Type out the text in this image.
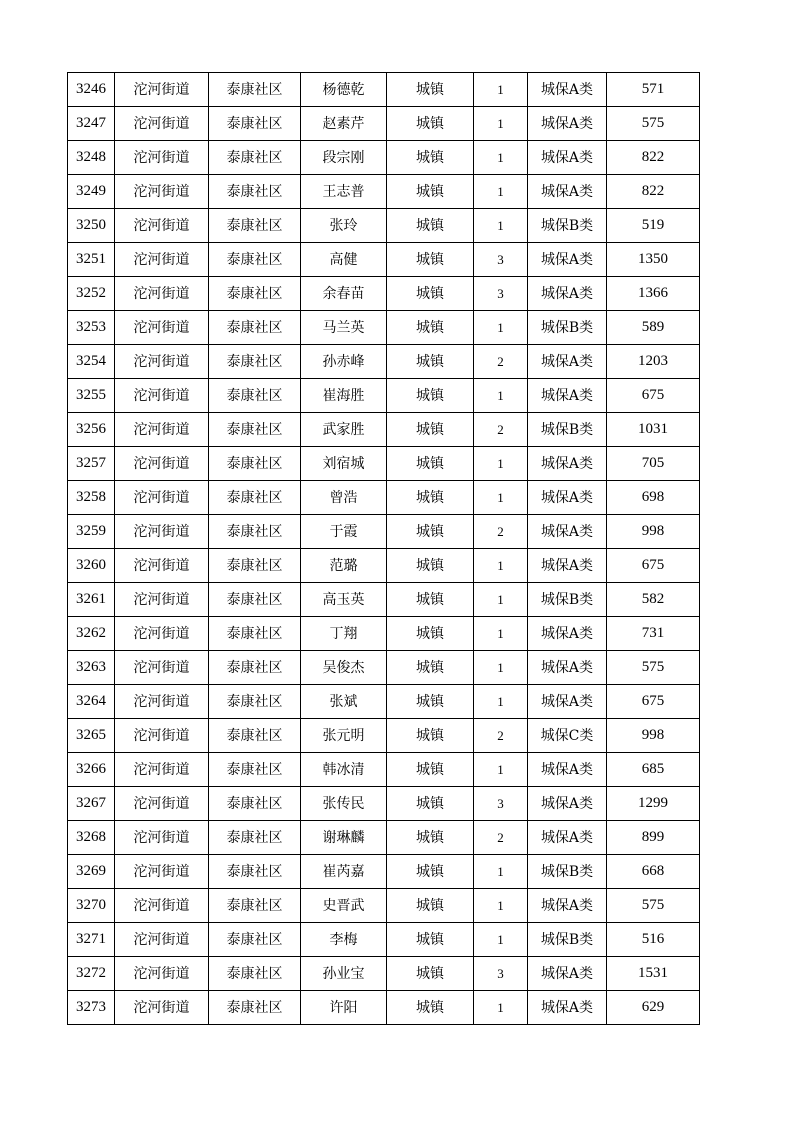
3246	沱河街道	泰康社区	杨德乾	城镇	1	城保A类	571
3247	沱河街道	泰康社区	赵素芹	城镇	1	城保A类	575
3248	沱河街道	泰康社区	段宗刚	城镇	1	城保A类	822
3249	沱河街道	泰康社区	王志普	城镇	1	城保A类	822
3250	沱河街道	泰康社区	张玲	城镇	1	城保B类	519
3251	沱河街道	泰康社区	高健	城镇	3	城保A类	1350
3252	沱河街道	泰康社区	余春苗	城镇	3	城保A类	1366
3253	沱河街道	泰康社区	马兰英	城镇	1	城保B类	589
3254	沱河街道	泰康社区	孙赤峰	城镇	2	城保A类	1203
3255	沱河街道	泰康社区	崔海胜	城镇	1	城保A类	675
3256	沱河街道	泰康社区	武家胜	城镇	2	城保B类	1031
3257	沱河街道	泰康社区	刘宿城	城镇	1	城保A类	705
3258	沱河街道	泰康社区	曾浩	城镇	1	城保A类	698
3259	沱河街道	泰康社区	于霞	城镇	2	城保A类	998
3260	沱河街道	泰康社区	范璐	城镇	1	城保A类	675
3261	沱河街道	泰康社区	高玉英	城镇	1	城保B类	582
3262	沱河街道	泰康社区	丁翔	城镇	1	城保A类	731
3263	沱河街道	泰康社区	吴俊杰	城镇	1	城保A类	575
3264	沱河街道	泰康社区	张斌	城镇	1	城保A类	675
3265	沱河街道	泰康社区	张元明	城镇	2	城保C类	998
3266	沱河街道	泰康社区	韩冰清	城镇	1	城保A类	685
3267	沱河街道	泰康社区	张传民	城镇	3	城保A类	1299
3268	沱河街道	泰康社区	谢琳麟	城镇	2	城保A类	899
3269	沱河街道	泰康社区	崔芮嘉	城镇	1	城保B类	668
3270	沱河街道	泰康社区	史晋武	城镇	1	城保A类	575
3271	沱河街道	泰康社区	李梅	城镇	1	城保B类	516
3272	沱河街道	泰康社区	孙业宝	城镇	3	城保A类	1531
3273	沱河街道	泰康社区	许阳	城镇	1	城保A类	629
